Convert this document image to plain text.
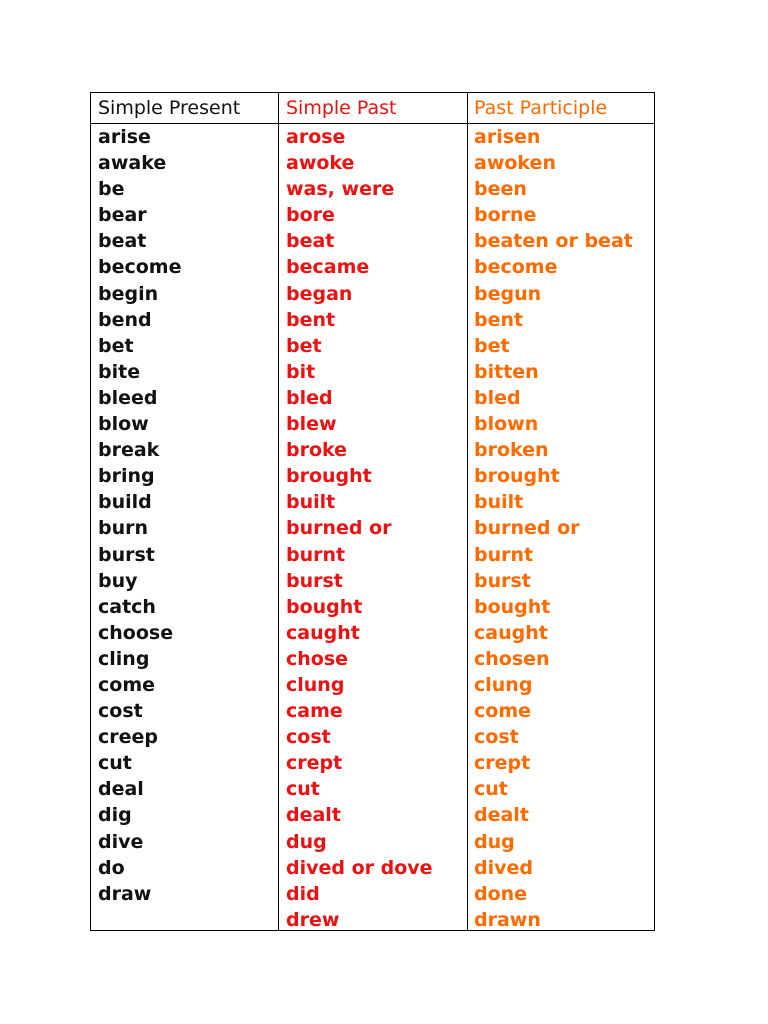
Simple Present Simple Past	Past Participle
arise
awake
be
bear
beat
become
begin
bend
bet
bite
bleed
blow
break
bring
build
burn
burst
buy
catch
choose
cling
come
cost
creep
cut
deal
dig
dive
do
draw
arose
awoke
was, were
bore
beat
became
began
bent
bet
bit
bled
blew
broke
brought
built
burned or
burnt
burst
bought
caught
chose
clung
came
cost
crept
cut
dealt
dug
dived or dove
did
drew
arisen
awoken
been
borne
beaten or beat
become
begun
bent
bet
bitten
bled
blown
broken
brought
built
burned or
burnt
burst
bought
caught
chosen
clung
come
cost
crept
cut
dealt
dug
dived
done
drawn
